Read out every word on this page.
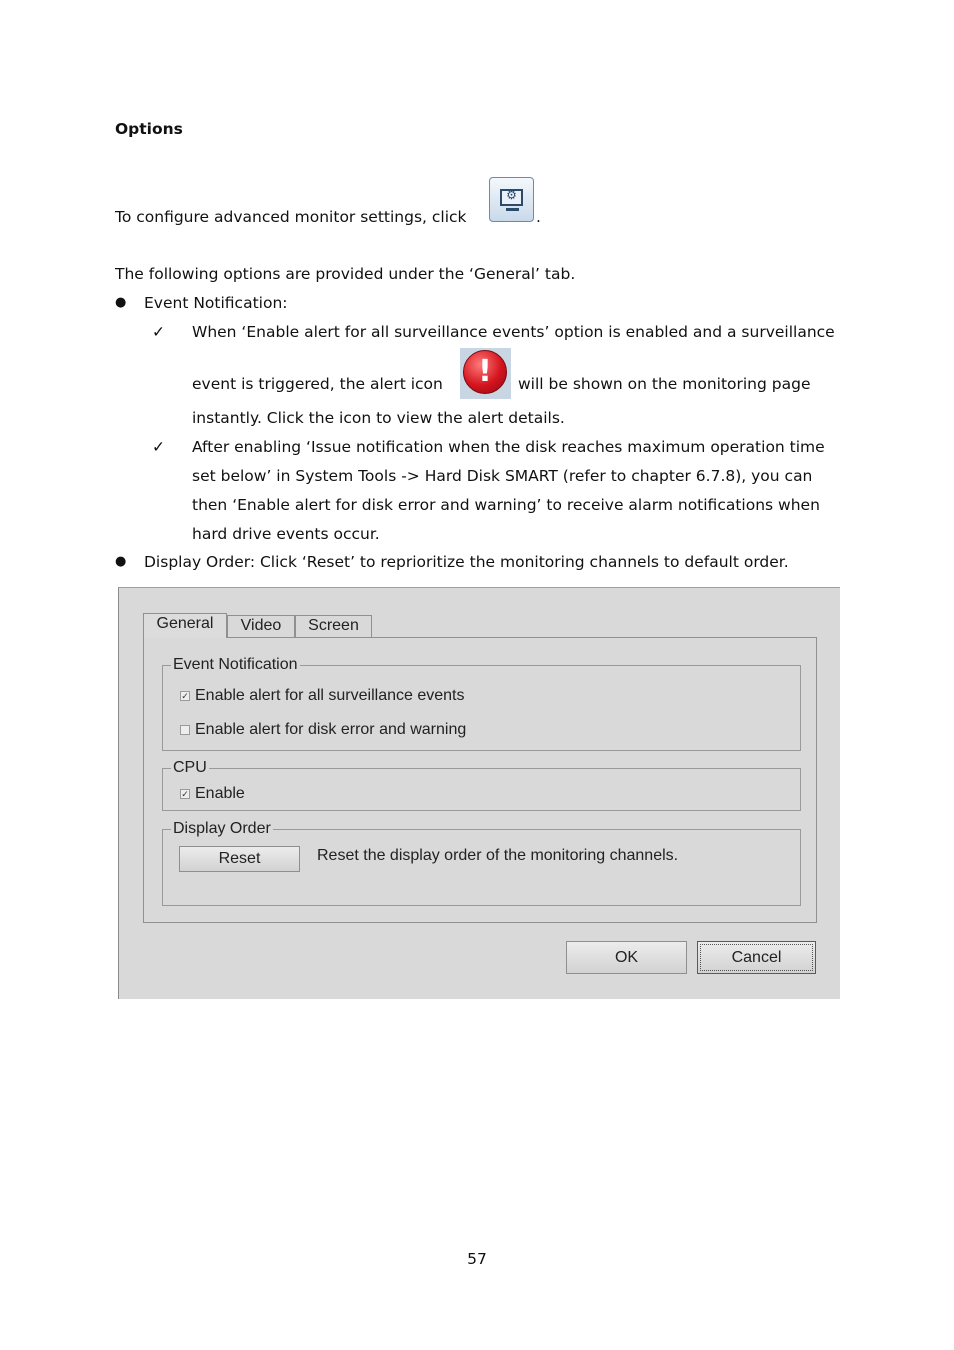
Options
To configure advanced monitor settings, click
⚙
.
The following options are provided under the ‘General’ tab.
● Event Notification:
✓ When ‘Enable alert for all surveillance events’ option is enabled and a surveillance
event is triggered, the alert icon	!	will be shown on the monitoring page
instantly. Click the icon to view the alert details.
✓ After enabling ‘Issue notification when the disk reaches maximum operation time
set below’ in System Tools -> Hard Disk SMART (refer to chapter 6.7.8), you can
then ‘Enable alert for disk error and warning’ to receive alarm notifications when
hard drive events occur.
● Display Order: Click ‘Reset’ to reprioritize the monitoring channels to default order.
General	Video	Screen
Event Notification
✓ Enable alert for all surveillance events
Enable alert for disk error and warning
CPU
✓ Enable
Display Order
Reset	Reset the display order of the monitoring channels.
OK	Cancel
57
